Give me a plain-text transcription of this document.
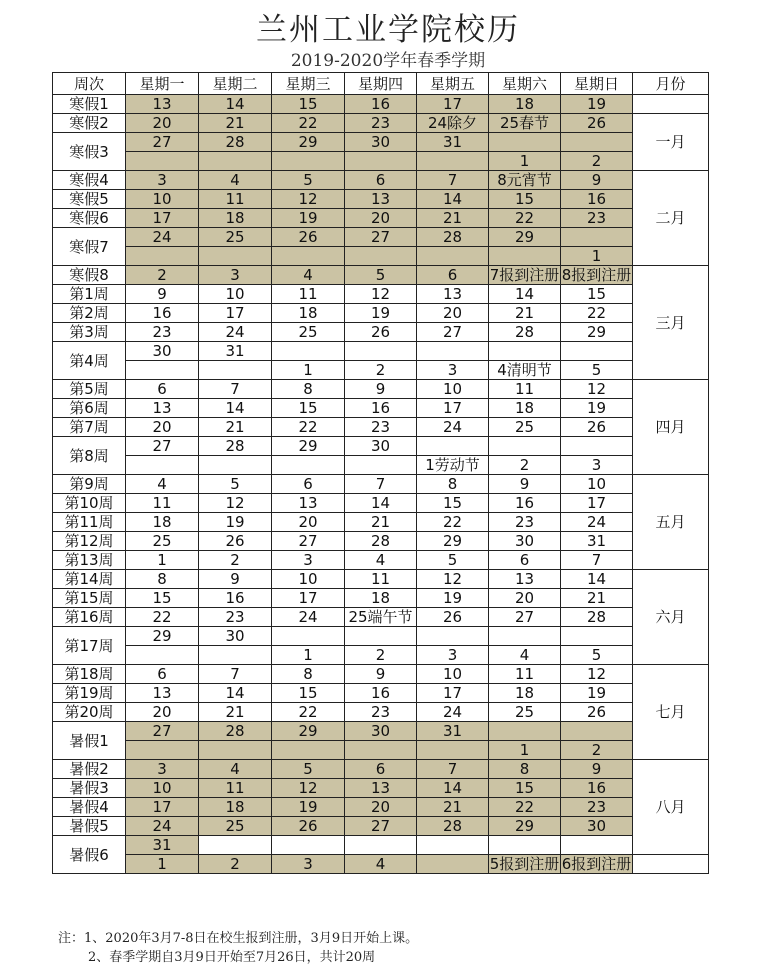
兰州工业学院校历
2019-2020学年春季学期
周次	星期一	星期二	星期三	星期四	星期五	星期六	星期日	月份
寒假1	13	14	15	16	17	18	19	
寒假2	20	21	22	23	24除夕	25春节	26	一月
寒假3	27	28	29	30	31			
						1	2	
寒假4	3	4	5	6	7	8元宵节	9	二月
寒假5	10	11	12	13	14	15	16	
寒假6	17	18	19	20	21	22	23	
寒假7	24	25	26	27	28	29		
							1	
寒假8	2	3	4	5	6	7报到注册	8报到注册	三月
第1周	9	10	11	12	13	14	15	
第2周	16	17	18	19	20	21	22	
第3周	23	24	25	26	27	28	29	
第4周	30	31						
			1	2	3	4清明节	5	
第5周	6	7	8	9	10	11	12	四月
第6周	13	14	15	16	17	18	19	
第7周	20	21	22	23	24	25	26	
第8周	27	28	29	30				
					1劳动节	2	3	
第9周	4	5	6	7	8	9	10	五月
第10周	11	12	13	14	15	16	17	
第11周	18	19	20	21	22	23	24	
第12周	25	26	27	28	29	30	31	
第13周	1	2	3	4	5	6	7	
第14周	8	9	10	11	12	13	14	六月
第15周	15	16	17	18	19	20	21	
第16周	22	23	24	25端午节	26	27	28	
第17周	29	30						
			1	2	3	4	5	
第18周	6	7	8	9	10	11	12	七月
第19周	13	14	15	16	17	18	19	
第20周	20	21	22	23	24	25	26	
暑假1	27	28	29	30	31			
						1	2	
暑假2	3	4	5	6	7	8	9	八月
暑假3	10	11	12	13	14	15	16	
暑假4	17	18	19	20	21	22	23	
暑假5	24	25	26	27	28	29	30	
暑假6	31							
	1	2	3	4		5报到注册	6报到注册	
注：1、2020年3月7-8日在校生报到注册，3月9日开始上课。
2、春季学期自3月9日开始至7月26日，共计20周
